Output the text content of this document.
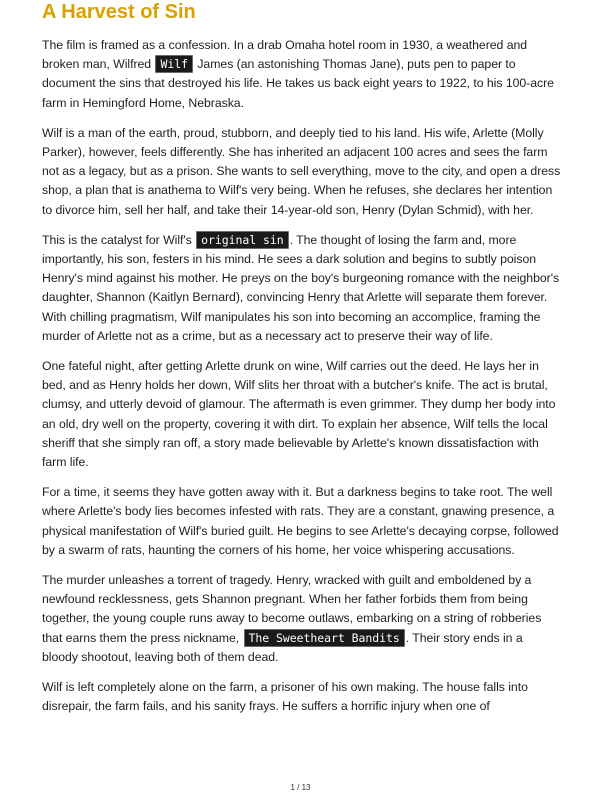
A Harvest of Sin

The film is framed as a confession. In a drab Omaha hotel room in 1930, a weathered and broken man, Wilfred Wilf James (an astonishing Thomas Jane), puts pen to paper to document the sins that destroyed his life. He takes us back eight years to 1922, to his 100-acre farm in Hemingford Home, Nebraska.

Wilf is a man of the earth, proud, stubborn, and deeply tied to his land. His wife, Arlette (Molly Parker), however, feels differently. She has inherited an adjacent 100 acres and sees the farm not as a legacy, but as a prison. She wants to sell everything, move to the city, and open a dress shop, a plan that is anathema to Wilf's very being. When he refuses, she declares her intention to divorce him, sell her half, and take their 14-year-old son, Henry (Dylan Schmid), with her.

This is the catalyst for Wilf's original sin . The thought of losing the farm and, more importantly, his son, festers in his mind. He sees a dark solution and begins to subtly poison Henry's mind against his mother. He preys on the boy's burgeoning romance with the neighbor's daughter, Shannon (Kaitlyn Bernard), convincing Henry that Arlette will separate them forever. With chilling pragmatism, Wilf manipulates his son into becoming an accomplice, framing the murder of Arlette not as a crime, but as a necessary act to preserve their way of life.

One fateful night, after getting Arlette drunk on wine, Wilf carries out the deed. He lays her in bed, and as Henry holds her down, Wilf slits her throat with a butcher's knife. The act is brutal, clumsy, and utterly devoid of glamour. The aftermath is even grimmer. They dump her body into an old, dry well on the property, covering it with dirt. To explain her absence, Wilf tells the local sheriff that she simply ran off, a story made believable by Arlette's known dissatisfaction with farm life.

For a time, it seems they have gotten away with it. But a darkness begins to take root. The well where Arlette's body lies becomes infested with rats. They are a constant, gnawing presence, a physical manifestation of Wilf's buried guilt. He begins to see Arlette's decaying corpse, followed by a swarm of rats, haunting the corners of his home, her voice whispering accusations.

The murder unleashes a torrent of tragedy. Henry, wracked with guilt and emboldened by a newfound recklessness, gets Shannon pregnant. When her father forbids them from being together, the young couple runs away to become outlaws, embarking on a string of robberies that earns them the press nickname, The Sweetheart Bandits . Their story ends in a bloody shootout, leaving both of them dead.

Wilf is left completely alone on the farm, a prisoner of his own making. The house falls into disrepair, the farm fails, and his sanity frays. He suffers a horrific injury when one of

1 / 13
